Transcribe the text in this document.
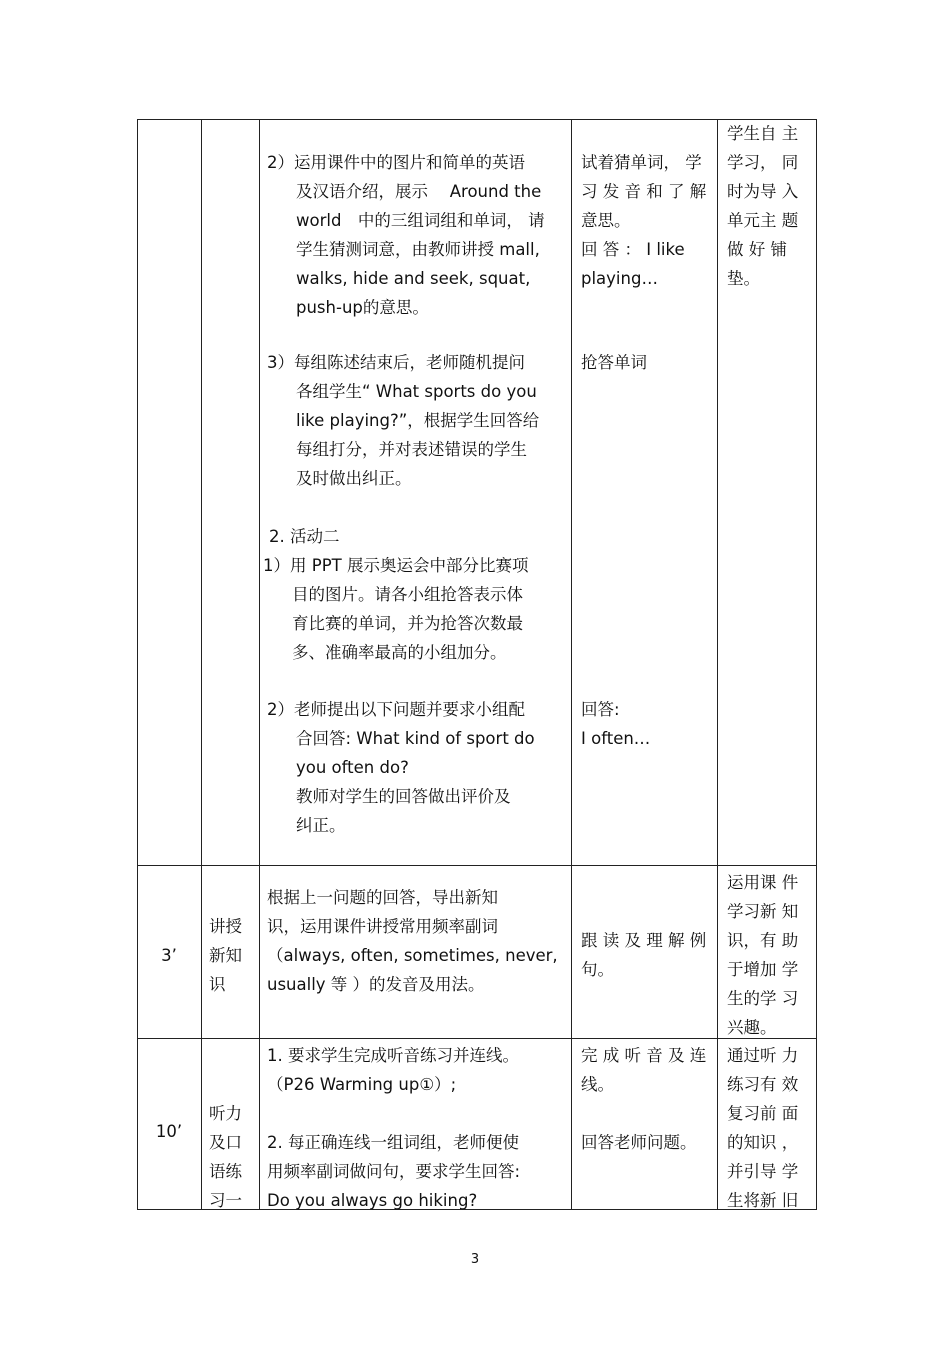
2）运用课件中的图片和简单的英语
及汉语介绍，展示　 Around the
world　中的三组词组和单词， 请
学生猜测词意，由教师讲授 mall,
walks, hide and seek, squat,
push-up的意思。
3）每组陈述结束后，老师随机提问
各组学生“ What sports do you
like playing?”，根据学生回答给
每组打分，并对表述错误的学生
及时做出纠正。
2. 活动二
1）用 PPT 展示奥运会中部分比赛项
目的图片。请各小组抢答表示体
育比赛的单词，并为抢答次数最
多、准确率最高的小组加分。
2）老师提出以下问题并要求小组配
合回答: What kind of sport do
you often do?
教师对学生的回答做出评价及
纠正。
试着猜单词， 学
习 发 音 和 了 解
意思。
回 答 ： I like
playing…
抢答单词
回答:
I often…
学生自 主
学习， 同
时为导 入
单元主 题
做 好 铺
垫。
3’
讲授
新知
识
根据上一问题的回答，导出新知
识，运用课件讲授常用频率副词
（always, often, sometimes, never,
usually 等 ）的发音及用法。
跟 读 及 理 解 例
句。
运用课 件
学习新 知
识，有 助
于增加 学
生的学 习
兴趣。
10’
听力
及口
语练
习一
1. 要求学生完成听音练习并连线。
（P26 Warming up①）;
2. 每正确连线一组词组，老师便使
用频率副词做问句，要求学生回答:
Do you always go hiking?
完 成 听 音 及 连
线。
回答老师问题。
通过听 力
练习有 效
复习前 面
的知识 ，
并引导 学
生将新 旧
3
